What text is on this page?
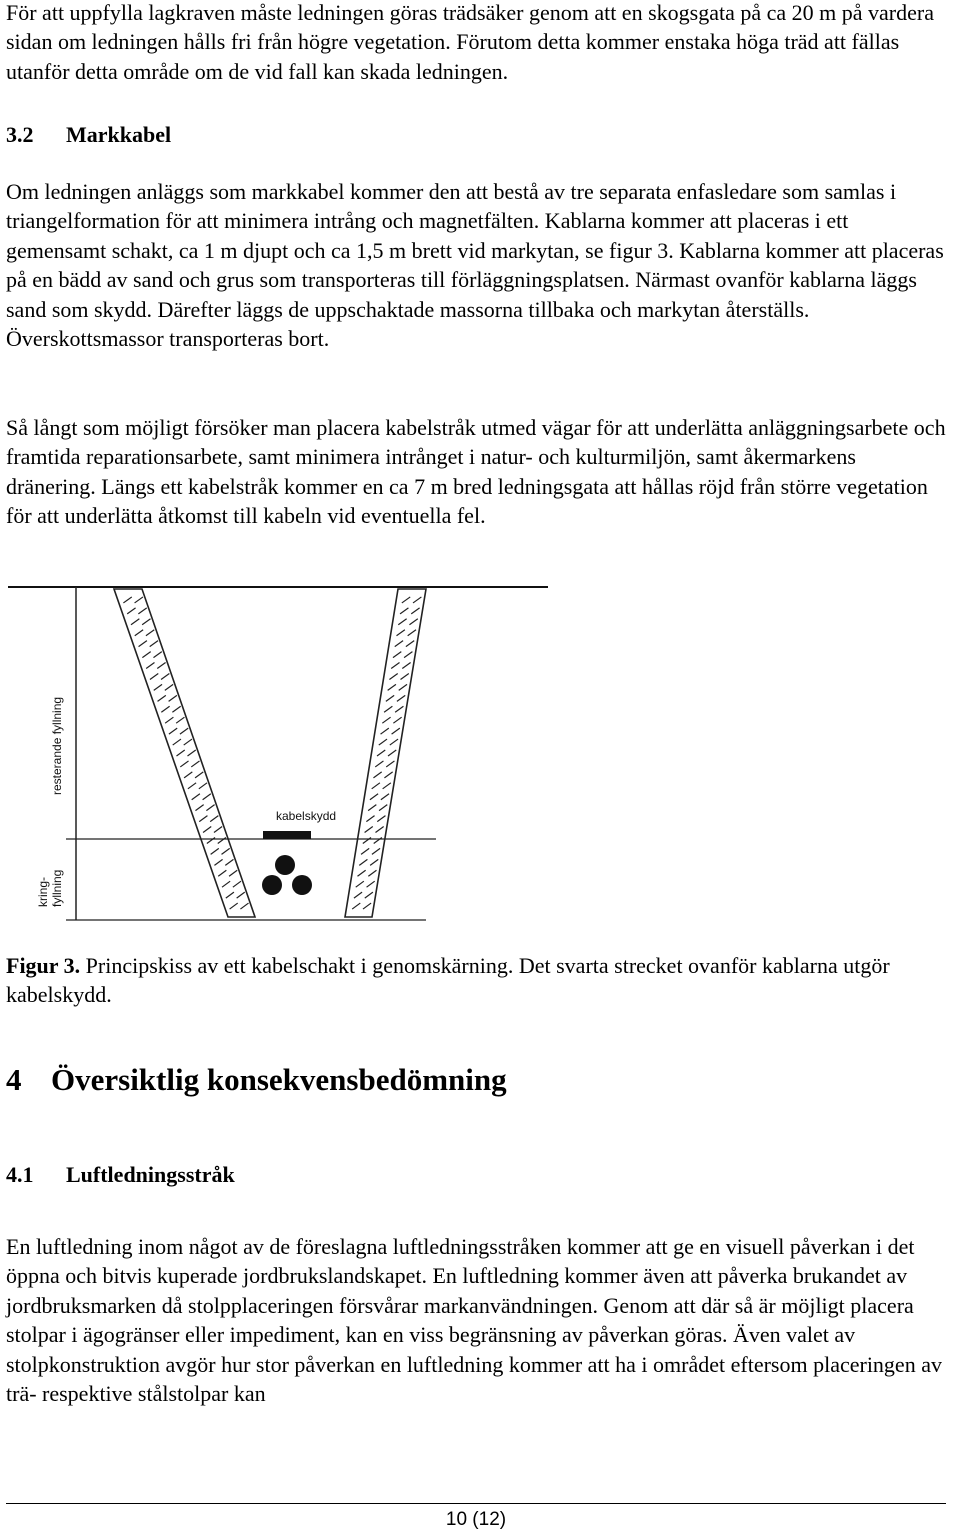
För att uppfylla lagkraven måste ledningen göras trädsäker genom att en skogsgata på ca 20 m på vardera sidan om ledningen hålls fri från högre vegetation. Förutom detta kommer enstaka höga träd att fällas utanför detta område om de vid fall kan skada ledningen.

3.2 Markkabel

Om ledningen anläggs som markkabel kommer den att bestå av tre separata enfasledare som samlas i triangelformation för att minimera intrång och magnetfälten. Kablarna kommer att placeras i ett gemensamt schakt, ca 1 m djupt och ca 1,5 m brett vid markytan, se figur 3. Kablarna kommer att placeras på en bädd av sand och grus som transporteras till förläggningsplatsen. Närmast ovanför kablarna läggs sand som skydd. Därefter läggs de uppschaktade massorna tillbaka och markytan återställs. Överskottsmassor transporteras bort.

Så långt som möjligt försöker man placera kabelstråk utmed vägar för att underlätta anläggningsarbete och framtida reparationsarbete, samt minimera intrånget i natur- och kulturmiljön, samt åkermarkens dränering. Längs ett kabelstråk kommer en ca 7 m bred ledningsgata att hållas röjd från större vegetation för att underlätta åtkomst till kabeln vid eventuella fel.

kabelskydd
resterande fyllning
kring- fyllning

Figur 3. Principskiss av ett kabelschakt i genomskärning. Det svarta strecket ovanför kablarna utgör kabelskydd.

4 Översiktlig konsekvensbedömning
4.1 Luftledningsstråk

En luftledning inom något av de föreslagna luftledningsstråken kommer att ge en visuell påverkan i det öppna och bitvis kuperade jordbrukslandskapet. En luftledning kommer även att påverka brukandet av jordbruksmarken då stolpplaceringen försvårar markanvändningen. Genom att där så är möjligt placera stolpar i ägogränser eller impediment, kan en viss begränsning av påverkan göras. Även valet av stolpkonstruktion avgör hur stor påverkan en luftledning kommer att ha i området eftersom placeringen av trä- respektive stålstolpar kan

10 (12)
